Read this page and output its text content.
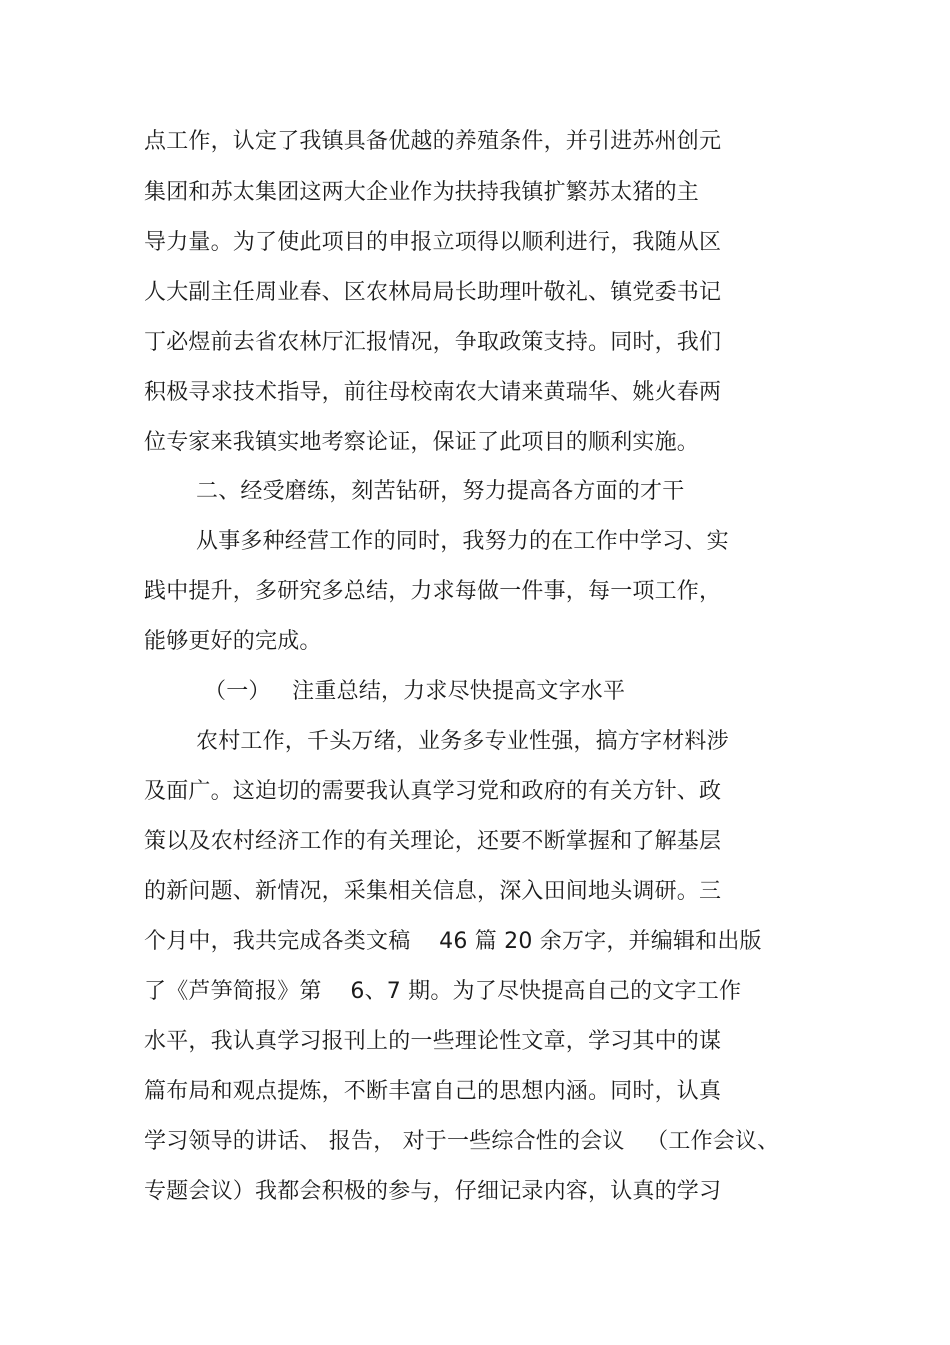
点工作，认定了我镇具备优越的养殖条件，并引进苏州创元
集团和苏太集团这两大企业作为扶持我镇扩繁苏太猪的主
导力量。为了使此项目的申报立项得以顺利进行，我随从区
人大副主任周业春、区农林局局长助理叶敬礼、镇党委书记
丁必煜前去省农林厅汇报情况，争取政策支持。同时，我们
积极寻求技术指导，前往母校南农大请来黄瑞华、姚火春两
位专家来我镇实地考察论证，保证了此项目的顺利实施。
二、经受磨练，刻苦钻研，努力提高各方面的才干
从事多种经营工作的同时，我努力的在工作中学习、实
践中提升，多研究多总结，力求每做一件事，每一项工作，
能够更好的完成。
（一）   注重总结，力求尽快提高文字水平
农村工作，千头万绪，业务多专业性强，搞方字材料涉
及面广。这迫切的需要我认真学习党和政府的有关方针、政
策以及农村经济工作的有关理论，还要不断掌握和了解基层
的新问题、新情况，采集相关信息，深入田间地头调研。三
个月中，我共完成各类文稿    46 篇 20 余万字，并编辑和出版
了《芦笋简报》第    6、7 期。为了尽快提高自己的文字工作
水平，我认真学习报刊上的一些理论性文章，学习其中的谋
篇布局和观点提炼，不断丰富自己的思想内涵。同时，认真
学习领导的讲话、 报告， 对于一些综合性的会议   （工作会议、
专题会议）我都会积极的参与，仔细记录内容，认真的学习
